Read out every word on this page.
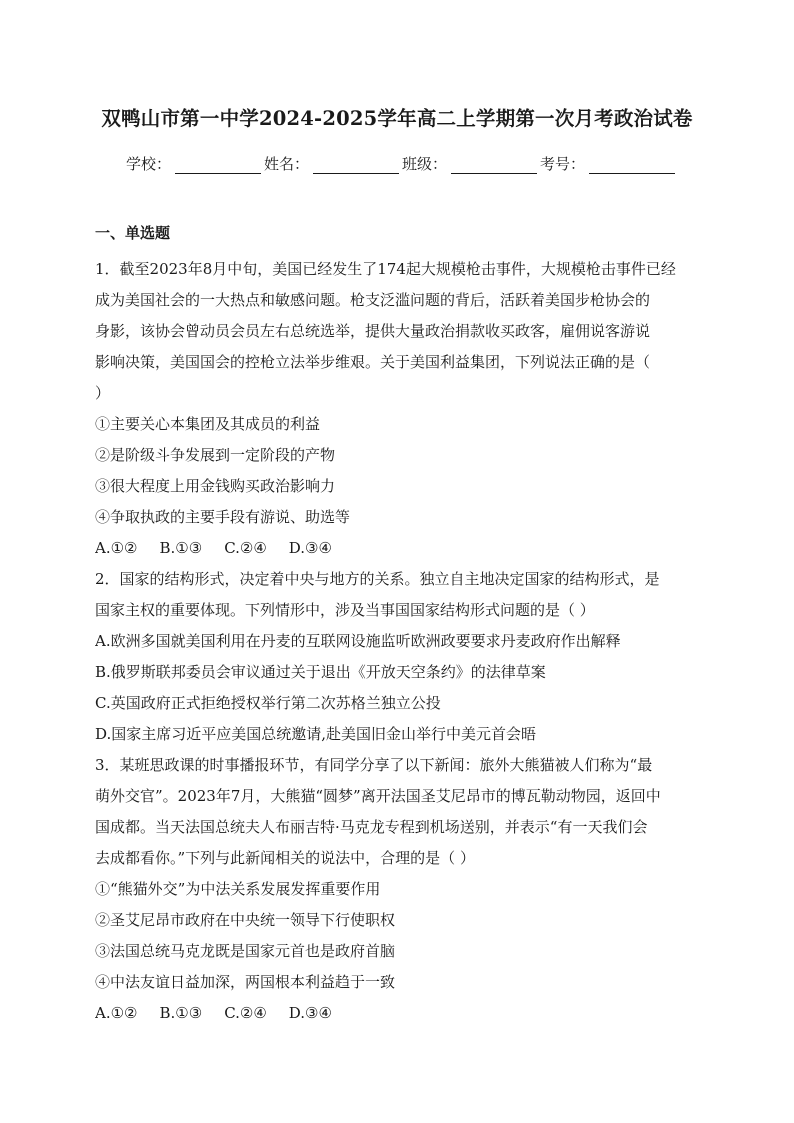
双鸭山市第一中学2024-2025学年高二上学期第一次月考政治试卷
学校：	姓名：	班级：	考号：
一、单选题
1．截至2023年8月中旬，美国已经发生了174起大规模枪击事件，大规模枪击事件已经
成为美国社会的一大热点和敏感问题。枪支泛滥问题的背后，活跃着美国步枪协会的
身影，该协会曾动员会员左右总统选举，提供大量政治捐款收买政客，雇佣说客游说
影响决策，美国国会的控枪立法举步维艰。关于美国利益集团，下列说法正确的是（
）
①主要关心本集团及其成员的利益
②是阶级斗争发展到一定阶段的产物
③很大程度上用金钱购买政治影响力
④争取执政的主要手段有游说、助选等
A.①② B.①③ C.②④ D.③④
2．国家的结构形式，决定着中央与地方的关系。独立自主地决定国家的结构形式，是
国家主权的重要体现。下列情形中，涉及当事国国家结构形式问题的是（ ）
A.欧洲多国就美国利用在丹麦的互联网设施监听欧洲政要要求丹麦政府作出解释
B.俄罗斯联邦委员会审议通过关于退出《开放天空条约》的法律草案
C.英国政府正式拒绝授权举行第二次苏格兰独立公投
D.国家主席习近平应美国总统邀请,赴美国旧金山举行中美元首会晤
3．某班思政课的时事播报环节，有同学分享了以下新闻：旅外大熊猫被人们称为“最
萌外交官”。2023年7月，大熊猫“圆梦”离开法国圣艾尼昂市的博瓦勒动物园，返回中
国成都。当天法国总统夫人布丽吉特·马克龙专程到机场送别，并表示“有一天我们会
去成都看你。”下列与此新闻相关的说法中，合理的是（ ）
①“熊猫外交”为中法关系发展发挥重要作用
②圣艾尼昂市政府在中央统一领导下行使职权
③法国总统马克龙既是国家元首也是政府首脑
④中法友谊日益加深，两国根本利益趋于一致
A.①② B.①③ C.②④ D.③④
